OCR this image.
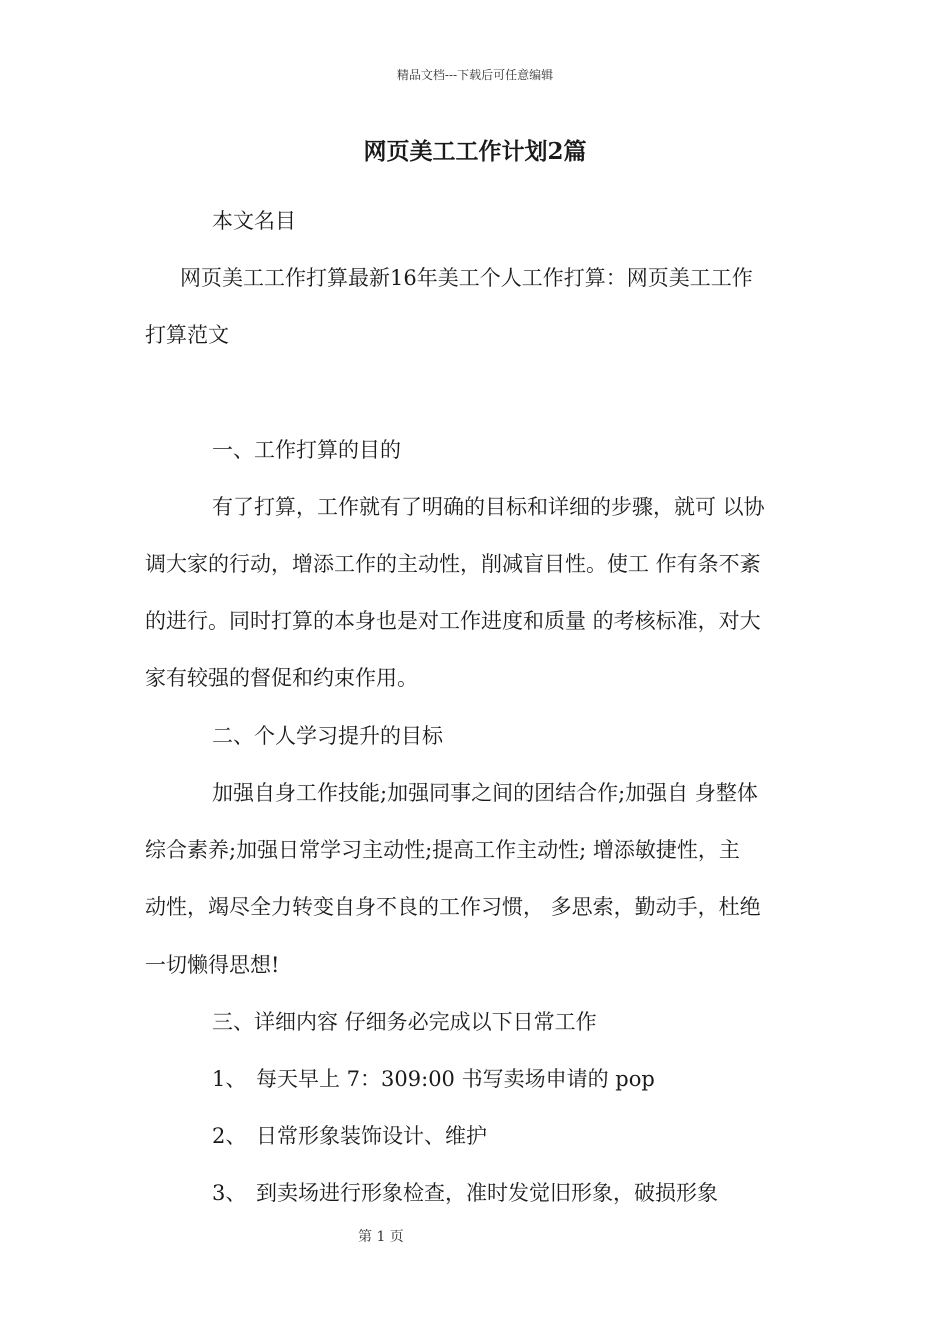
精品文档---下载后可任意编辑
网页美工工作计划2篇

本文名目

网页美工工作打算最新16年美工个人工作打算：网页美工工作

打算范文

一、工作打算的目的

有了打算，工作就有了明确的目标和详细的步骤，就可 以协

调大家的行动，增添工作的主动性，削减盲目性。使工 作有条不紊

的进行。同时打算的本身也是对工作进度和质量 的考核标准，对大

家有较强的督促和约束作用。

二、个人学习提升的目标

加强自身工作技能;加强同事之间的团结合作;加强自 身整体

综合素养;加强日常学习主动性;提高工作主动性; 增添敏捷性，主

动性，竭尽全力转变自身不良的工作习惯， 多思索，勤动手，杜绝

一切懒得思想!

三、详细内容 仔细务必完成以下日常工作

1、 每天早上 7：309:00 书写卖场申请的 pop
2、 日常形象装饰设计、维护
3、 到卖场进行形象检查，准时发觉旧形象，破损形象
第 1 页
